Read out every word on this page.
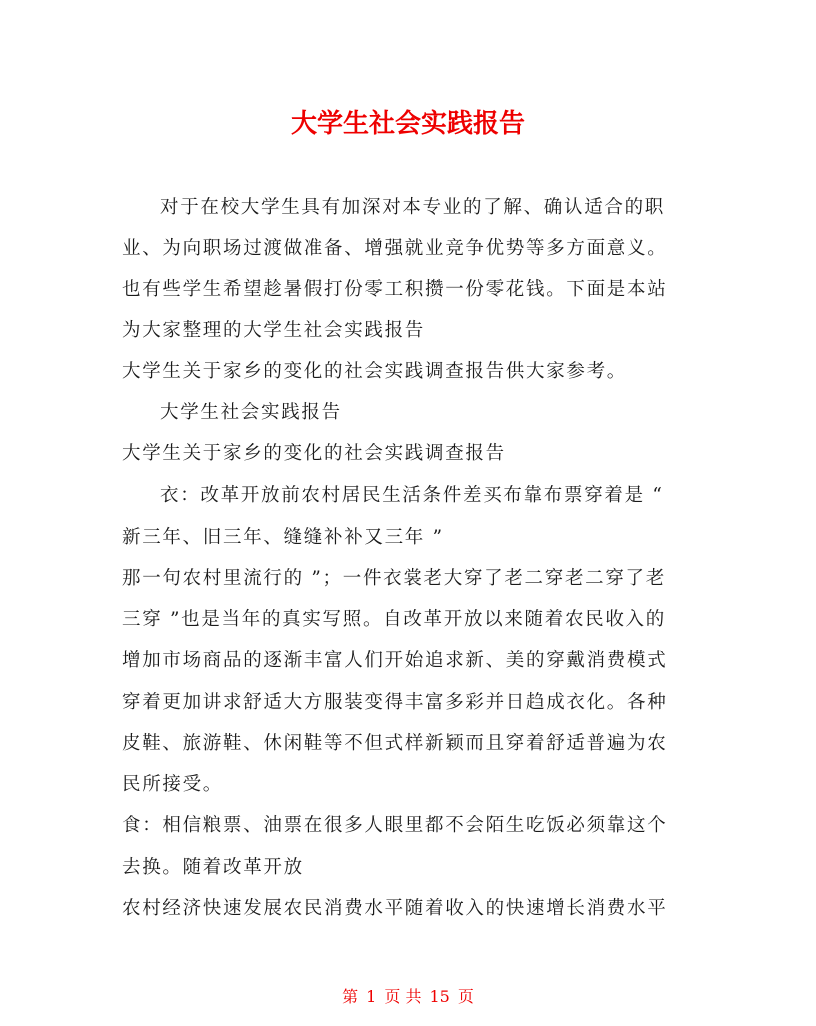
大学生社会实践报告
对于在校大学生具有加深对本专业的了解、确认适合的职
业、为向职场过渡做准备、增强就业竞争优势等多方面意义。
也有些学生希望趁暑假打份零工积攒一份零花钱。下面是本站
为大家整理的大学生社会实践报告
大学生关于家乡的变化的社会实践调查报告供大家参考。
大学生社会实践报告
大学生关于家乡的变化的社会实践调查报告
衣：改革开放前农村居民生活条件差买布靠布票穿着是 “
新三年、旧三年、缝缝补补又三年 ”
那一句农村里流行的 ”；一件衣裳老大穿了老二穿老二穿了老
三穿 ”也是当年的真实写照。自改革开放以来随着农民收入的
增加市场商品的逐渐丰富人们开始追求新、美的穿戴消费模式
穿着更加讲求舒适大方服装变得丰富多彩并日趋成衣化。各种
皮鞋、旅游鞋、休闲鞋等不但式样新颖而且穿着舒适普遍为农
民所接受。
食：相信粮票、油票在很多人眼里都不会陌生吃饭必须靠这个
去换。随着改革开放
农村经济快速发展农民消费水平随着收入的快速增长消费水平
第 1 页 共 15 页
